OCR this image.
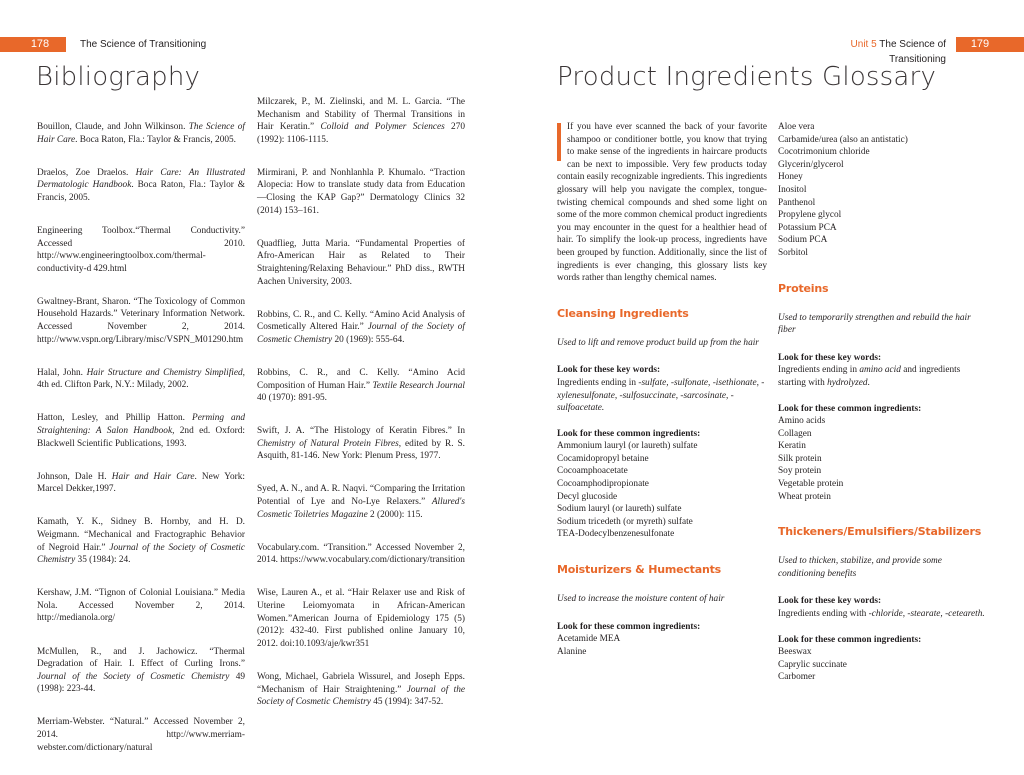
178	The Science of Transitioning	Unit 5 The Science of Transitioning
179
Bibliography

Bouillon, Claude, and John Wilkinson. The Science of Hair Care. Boca Raton, Fla.: Taylor & Francis, 2005.

Draelos, Zoe Draelos. Hair Care: An Illustrated Dermatologic Handbook. Boca Raton, Fla.: Taylor & Francis, 2005.

Engineering Toolbox.“Thermal Conductivity.” Accessed 2010. http://www.engineeringtoolbox.com/thermal-conductivity-d 429.html

Gwaltney-Brant, Sharon. “The Toxicology of Common Household Hazards.” Veterinary Information Network. Accessed November 2, 2014. http://www.vspn.org/Library/misc/VSPN_M01290.htm

Halal, John. Hair Structure and Chemistry Simplified, 4th ed. Clifton Park, N.Y.: Milady, 2002.

Hatton, Lesley, and Phillip Hatton. Perming and Straightening: A Salon Handbook, 2nd ed. Oxford: Blackwell Scientific Publications, 1993.

Johnson, Dale H. Hair and Hair Care. New York: Marcel Dekker,1997.

Kamath, Y. K., Sidney B. Hornby, and H. D. Weigmann. “Mechanical and Fractographic Behavior of Negroid Hair.” Journal of the Society of Cosmetic Chemistry 35 (1984): 24.

Kershaw, J.M. “Tignon of Colonial Louisiana.” Media Nola. Accessed November 2, 2014. http://medianola.org/

McMullen, R., and J. Jachowicz. “Thermal Degradation of Hair. I. Effect of Curling Irons.” Journal of the Society of Cosmetic Chemistry 49 (1998): 223-44.

Merriam-Webster. “Natural.” Accessed November 2, 2014. http://www.merriam-webster.com/dictionary/natural

Milczarek, P., M. Zielinski, and M. L. Garcia. “The Mechanism and Stability of Thermal Transitions in Hair Keratin.” Colloid and Polymer Sciences 270 (1992): 1106-1115.

Mirmirani, P. and Nonhlanhla P. Khumalo. “Traction Alopecia: How to translate study data from Education—Closing the KAP Gap?” Dermatology Clinics 32 (2014) 153–161.

Quadflieg, Jutta Maria. “Fundamental Properties of Afro-American Hair as Related to Their Straightening/Relaxing Behaviour.” PhD diss., RWTH Aachen University, 2003.

Robbins, C. R., and C. Kelly. “Amino Acid Analysis of Cosmetically Altered Hair.” Journal of the Society of Cosmetic Chemistry 20 (1969): 555-64.

Robbins, C. R., and C. Kelly. “Amino Acid Composition of Human Hair.” Textile Research Journal 40 (1970): 891-95.

Swift, J. A. “The Histology of Keratin Fibres.” In Chemistry of Natural Protein Fibres, edited by R. S. Asquith, 81-146. New York: Plenum Press, 1977.

Syed, A. N., and A. R. Naqvi. “Comparing the Irritation Potential of Lye and No-Lye Relaxers.” Allured's Cosmetic Toiletries Magazine 2 (2000): 115.

Vocabulary.com. “Transition.” Accessed November 2, 2014. https://www.vocabulary.com/dictionary/transition

Wise, Lauren A., et al. “Hair Relaxer use and Risk of Uterine Leiomyomata in African-American Women.”American Journa of Epidemiology 175 (5) (2012): 432-40. First published online January 10, 2012. doi:10.1093/aje/kwr351

Wong, Michael, Gabriela Wissurel, and Joseph Epps. “Mechanism of Hair Straightening.” Journal of the Society of Cosmetic Chemistry 45 (1994): 347-52.

Product Ingredients Glossary

If you have ever scanned the back of your favorite shampoo or conditioner bottle, you know that trying to make sense of the ingredients in haircare products can be next to impossible. Very few products today contain easily recognizable ingredients. This ingredients glossary will help you navigate the complex, tongue-twisting chemical compounds and shed some light on some of the more common chemical product ingredients you may encounter in the quest for a healthier head of hair. To simplify the look-up process, ingredients have been grouped by function. Additionally, since the list of ingredients is ever changing, this glossary lists key words rather than lengthy chemical names.

Cleansing Ingredients

Used to lift and remove product build up from the hair

Look for these key words:

Ingredients ending in -sulfate, -sulfonate, -isethionate, -xylenesulfonate, -sulfosuccinate, -sarcosinate, -sulfoacetate.

Look for these common ingredients:

Ammonium lauryl (or laureth) sulfate

Cocamidopropyl betaine

Cocoamphoacetate

Cocoamphodipropionate

Decyl glucoside

Sodium lauryl (or laureth) sulfate

Sodium tricedeth (or myreth) sulfate

TEA-Dodecylbenzenesulfonate

Moisturizers & Humectants

Used to increase the moisture content of hair

Look for these common ingredients:

Acetamide MEA

Alanine

Aloe vera

Carbamide/urea (also an antistatic)

Cocotrimonium chloride

Glycerin/glycerol

Honey

Inositol

Panthenol

Propylene glycol

Potassium PCA

Sodium PCA

Sorbitol

Proteins

Used to temporarily strengthen and rebuild the hair fiber

Look for these key words:

Ingredients ending in amino acid and ingredients starting with hydrolyzed.

Look for these common ingredients:

Amino acids

Collagen

Keratin

Silk protein

Soy protein

Vegetable protein

Wheat protein

Thickeners/Emulsifiers/Stabilizers

Used to thicken, stabilize, and provide some conditioning benefits

Look for these key words:

Ingredients ending with -chloride, -stearate, -ceteareth.

Look for these common ingredients:

Beeswax

Caprylic succinate

Carbomer
